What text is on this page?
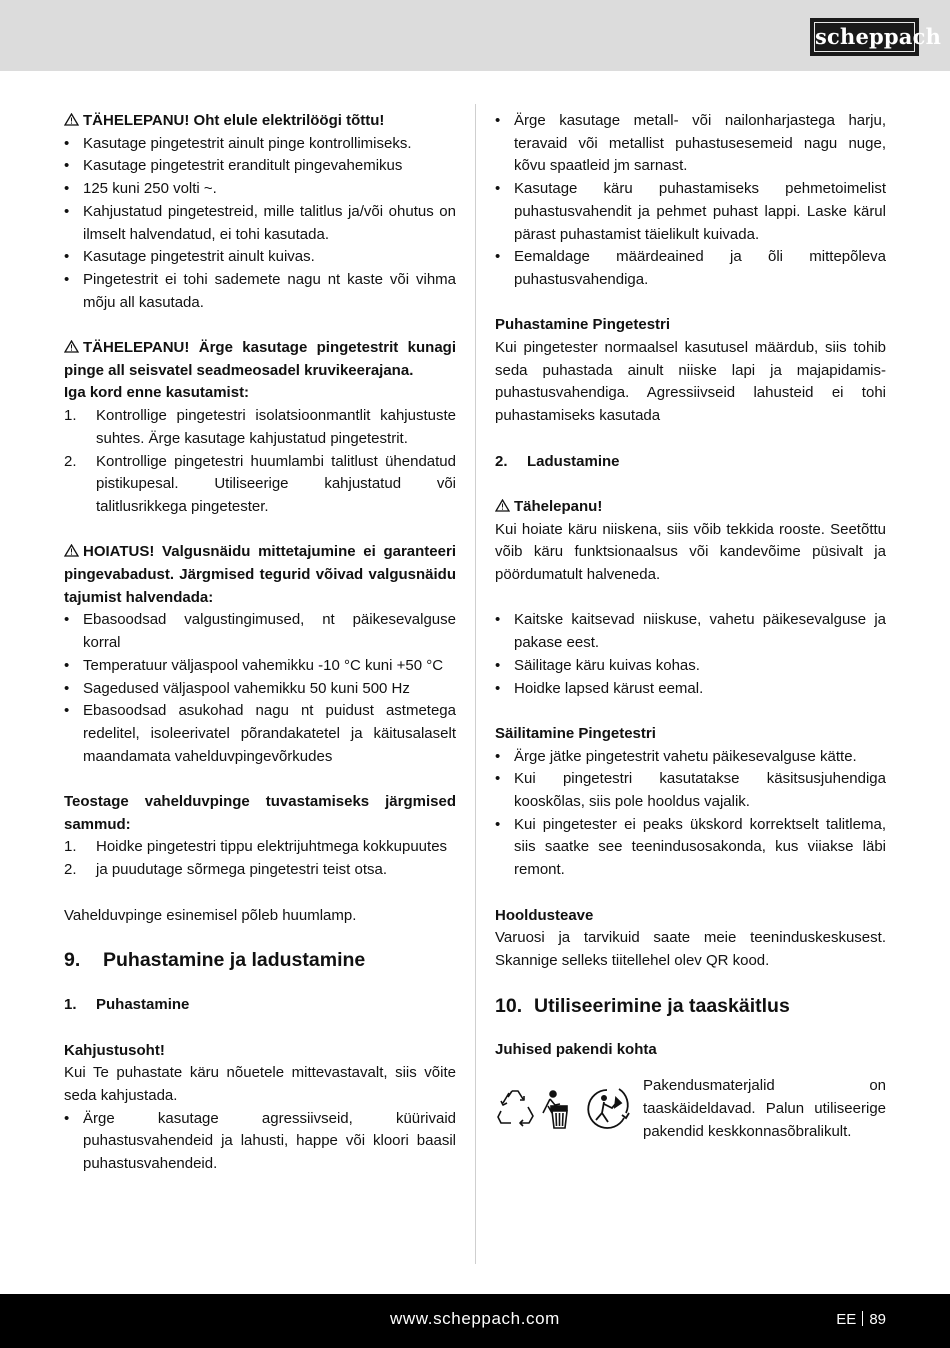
scheppach

TÄHELEPANU! Oht elule elektrilöögi tõttu!

• Kasutage pingetestrit ainult pinge kontrollimiseks.
• Kasutage pingetestrit eranditult pingevahemikus
• 125 kuni 250 volti ~.
• Kahjustatud pingetestreid, mille talitlus ja/või ohutus on ilmselt halvendatud, ei tohi kasutada.
• Kasutage pingetestrit ainult kuivas.
• Pingetestrit ei tohi sademete nagu nt kaste või vihma mõju all kasutada.

TÄHELEPANU! Ärge kasutage pingetestrit kunagi pinge all seisvatel seadmeosadel kruvikeerajana.

Iga kord enne kasutamist:

1. Kontrollige pingetestri isolatsioonmantlit kahjustuste suhtes. Ärge kasutage kahjustatud pingetestrit.
2. Kontrollige pingetestri huumlambi talitlust ühendatud pistikupesal. Utiliseerige kahjustatud või talitlusrikkega pingetester.

HOIATUS! Valgusnäidu mittetajumine ei garanteeri pingevabadust. Järgmised tegurid võivad valgusnäidu tajumist halvendada:

• Ebasoodsad valgustingimused, nt päikesevalguse korral
• Temperatuur väljaspool vahemikku -10 °C kuni +50 °C
• Sagedused väljaspool vahemikku 50 kuni 500 Hz
• Ebasoodsad asukohad nagu nt puidust astmetega redelitel, isoleerivatel põrandakatetel ja käitusalaselt maandamata vahelduvpingevõrkudes

Teostage vahelduvpinge tuvastamiseks järgmised sammud:

1. Hoidke pingetestri tippu elektrijuhtmega kokkupuutes
2. ja puudutage sõrmega pingetestri teist otsa.

Vahelduvpinge esinemisel põleb huumlamp.

9. Puhastamine ja ladustamine

1. Puhastamine

Kahjustusoht!

Kui Te puhastate käru nõuetele mittevastavalt, siis võite seda kahjustada.

• Ärge kasutage agressiivseid, küürivaid puhastusvahendeid ja lahusti, happe või kloori baasil puhastusvahendeid.
• Ärge kasutage metall- või nailonharjastega harju, teravaid või metallist puhastusesemeid nagu nuge, kõvu spaatleid jm sarnast.
• Kasutage käru puhastamiseks pehmetoimelist puhastusvahendit ja pehmet puhast lappi. Laske kärul pärast puhastamist täielikult kuivada.
• Eemaldage määrdeained ja õli mittepõleva puhastusvahendiga.

Puhastamine Pingetestri

Kui pingetester normaalsel kasutusel määrdub, siis tohib seda puhastada ainult niiske lapi ja majapidamis-puhastusvahendiga. Agressiivseid lahusteid ei tohi puhastamiseks kasutada

2. Ladustamine

Tähelepanu!

Kui hoiate käru niiskena, siis võib tekkida rooste. Seetõttu võib käru funktsionaalsus või kandevõime püsivalt ja pöördumatult halveneda.

• Kaitske kaitsevad niiskuse, vahetu päikesevalguse ja pakase eest.
• Säilitage käru kuivas kohas.
• Hoidke lapsed kärust eemal.

Säilitamine Pingetestri

• Ärge jätke pingetestrit vahetu päikesevalguse kätte.
• Kui pingetestri kasutatakse käsitsusjuhendiga kooskõlas, siis pole hooldus vajalik.
• Kui pingetester ei peaks ükskord korrektselt talitlema, siis saatke see teenindusosakonda, kus viiakse läbi remont.

Hooldusteave

Varuosi ja tarvikuid saate meie teeninduskeskusest. Skannige selleks tiitellehel olev QR kood.

10. Utiliseerimine ja taaskäitlus

Juhised pakendi kohta

Pakendusmaterjalid on taaskäideldavad. Palun utiliseerige pakendid keskkonnasõbralikult.

www.scheppach.com	EE 89
